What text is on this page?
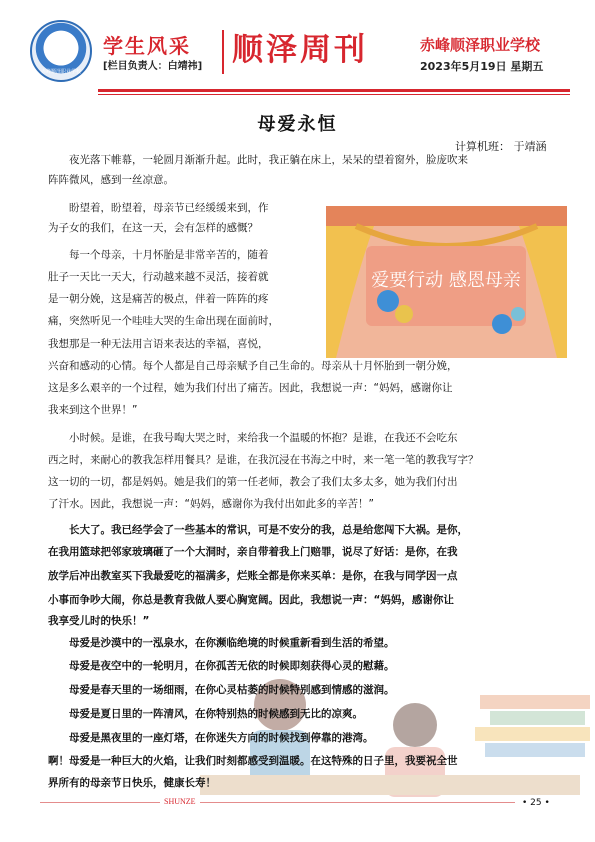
赤峰顺泽职业学校
学生风采
[栏目负责人：白靖祎] 顺泽周刊	赤峰顺泽职业学校
2023年5月19日 星期五
母爱永恒
计算机班： 于靖涵
夜光落下帷幕，一轮圆月渐渐升起。此时，我正躺在床上，呆呆的望着窗外，脸庞吹来
阵阵微风，感到一丝凉意。
盼望着，盼望着，母亲节已经缓缓来到，作
为子女的我们，在这一天，会有怎样的感慨？
每一个母亲，十月怀胎是非常辛苦的，随着
肚子一天比一天大，行动越来越不灵活，接着就
是一朝分娩，这是痛苦的极点，伴着一阵阵的疼
痛，突然听见一个哇哇大哭的生命出现在面前时，
我想那是一种无法用言语来表达的幸福，喜悦，
兴奋和感动的心情。每个人都是自己母亲赋予自己生命的。母亲从十月怀胎到一朝分娩，
这是多么艰辛的一个过程，她为我们付出了痛苦。因此，我想说一声：“妈妈，感谢你让
我来到这个世界！”
爱要行动 感恩母亲
小时候。是谁，在我号啕大哭之时，来给我一个温暖的怀抱？是谁，在我还不会吃东
西之时，来耐心的教我怎样用餐具？是谁，在我沉浸在书海之中时，来一笔一笔的教我写字？
这一切的一切，都是妈妈。她是我们的第一任老师，教会了我们太多太多，她为我们付出
了汗水。因此，我想说一声：“妈妈，感谢你为我付出如此多的辛苦！”
长大了。我已经学会了一些基本的常识，可是不安分的我，总是给您闯下大祸。是你，
在我用篮球把邻家玻璃砸了一个大洞时，亲自带着我上门赔罪，说尽了好话：是你，在我
放学后冲出教室买下我最爱吃的福满多，烂账全都是你来买单：是你，在我与同学因一点
小事而争吵大闹，你总是教育我做人要心胸宽阔。因此，我想说一声：“妈妈，感谢你让
我享受儿时的快乐！”
母爱是沙漠中的一泓泉水，在你濒临绝境的时候重新看到生活的希望。
母爱是夜空中的一轮明月，在你孤苦无依的时候即刻获得心灵的慰藉。
母爱是春天里的一场细雨，在你心灵枯萎的时候特别感到情感的滋润。
母爱是夏日里的一阵清风，在你特别热的时候感到无比的凉爽。
母爱是黑夜里的一座灯塔，在你迷失方向的时候找到停靠的港湾。
啊！母爱是一种巨大的火焰，让我们时刻都感受到温暖。在这特殊的日子里，我要祝全世
界所有的母亲节日快乐，健康长寿！
SHUNZE	• 25 •
